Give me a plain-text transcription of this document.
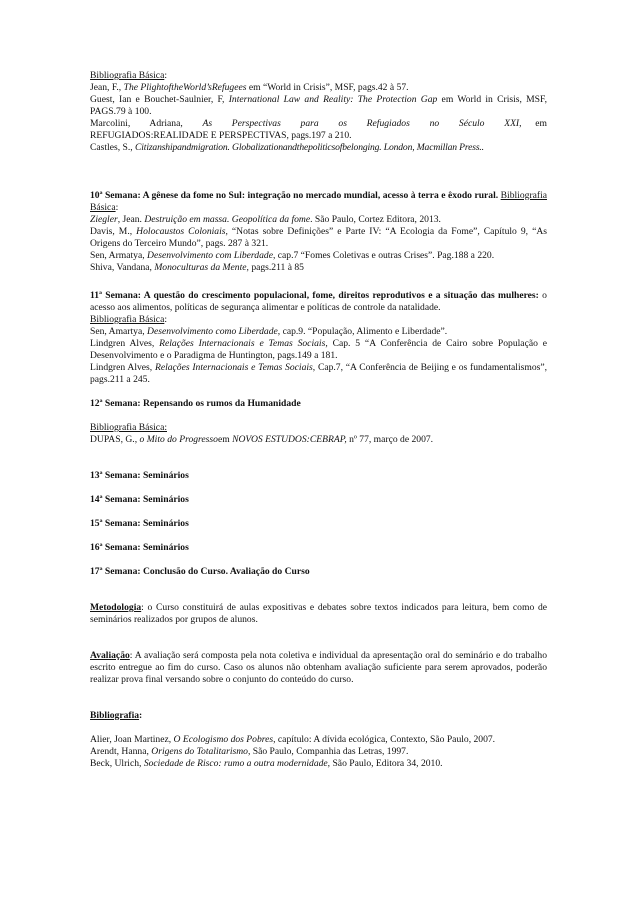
Bibliografia Básica:

Jean, F., The PlightoftheWorld’sRefugees em “World in Crisis”, MSF, pags.42 à 57.

Guest, Ian e Bouchet-Saulnier, F, International Law and Reality: The Protection Gap em World in Crisis, MSF, PAGS.79 à 100.

Marcolini, Adriana, As Perspectivas para os Refugiados no Século XXI, em REFUGIADOS:REALIDADE E PERSPECTIVAS, pags.197 a 210.

Castles, S., Citizanshipandmigration. Globalizationandthepoliticsofbelonging. London, Macmillan Press..

10ª Semana: A gênese da fome no Sul: integração no mercado mundial, acesso à terra e êxodo rural. Bibliografia Básica:

Ziegler, Jean. Destruição em massa. Geopolítica da fome. São Paulo, Cortez Editora, 2013.

Davis, M., Holocaustos Coloniais, “Notas sobre Definições” e Parte IV: “A Ecologia da Fome”, Capítulo 9, “As Origens do Terceiro Mundo”, pags. 287 à 321.

Sen, Armatya, Desenvolvimento com Liberdade, cap.7 “Fomes Coletivas e outras Crises”. Pag.188 a 220.

Shiva, Vandana, Monoculturas da Mente, pags.211 à 85

11ª Semana: A questão do crescimento populacional, fome, direitos reprodutivos e a situação das mulheres: o acesso aos alimentos, políticas de segurança alimentar e políticas de controle da natalidade.

Bibliografia Básica:

Sen, Amartya, Desenvolvimento como Liberdade, cap.9. “População, Alimento e Liberdade”.

Lindgren Alves, Relações Internacionais e Temas Sociais, Cap. 5 “A Conferência de Cairo sobre População e Desenvolvimento e o Paradigma de Huntington, pags.149 a 181.

Lindgren Alves, Relações Internacionais e Temas Sociais, Cap.7, “A Conferência de Beijing e os fundamentalismos”, pags.211 a 245.

12ª Semana: Repensando os rumos da Humanidade

Bibliografia Básica:

DUPAS, G., o Mito do Progressoem NOVOS ESTUDOS:CEBRAP, nº 77, março de 2007.

13ª Semana: Seminários

14ª Semana: Seminários

15ª Semana: Seminários

16ª Semana: Seminários

17ª Semana: Conclusão do Curso. Avaliação do Curso

Metodologia: o Curso constituirá de aulas expositivas e debates sobre textos indicados para leitura, bem como de seminários realizados por grupos de alunos.

Avaliação: A avaliação será composta pela nota coletiva e individual da apresentação oral do seminário e do trabalho escrito entregue ao fim do curso. Caso os alunos não obtenham avaliação suficiente para serem aprovados, poderão realizar prova final versando sobre o conjunto do conteúdo do curso.

Bibliografia:

Alier, Joan Martinez, O Ecologismo dos Pobres, capítulo: A dívida ecológica, Contexto, São Paulo, 2007.

Arendt, Hanna, Origens do Totalitarismo, São Paulo, Companhia das Letras, 1997.

Beck, Ulrich, Sociedade de Risco: rumo a outra modernidade, São Paulo, Editora 34, 2010.
